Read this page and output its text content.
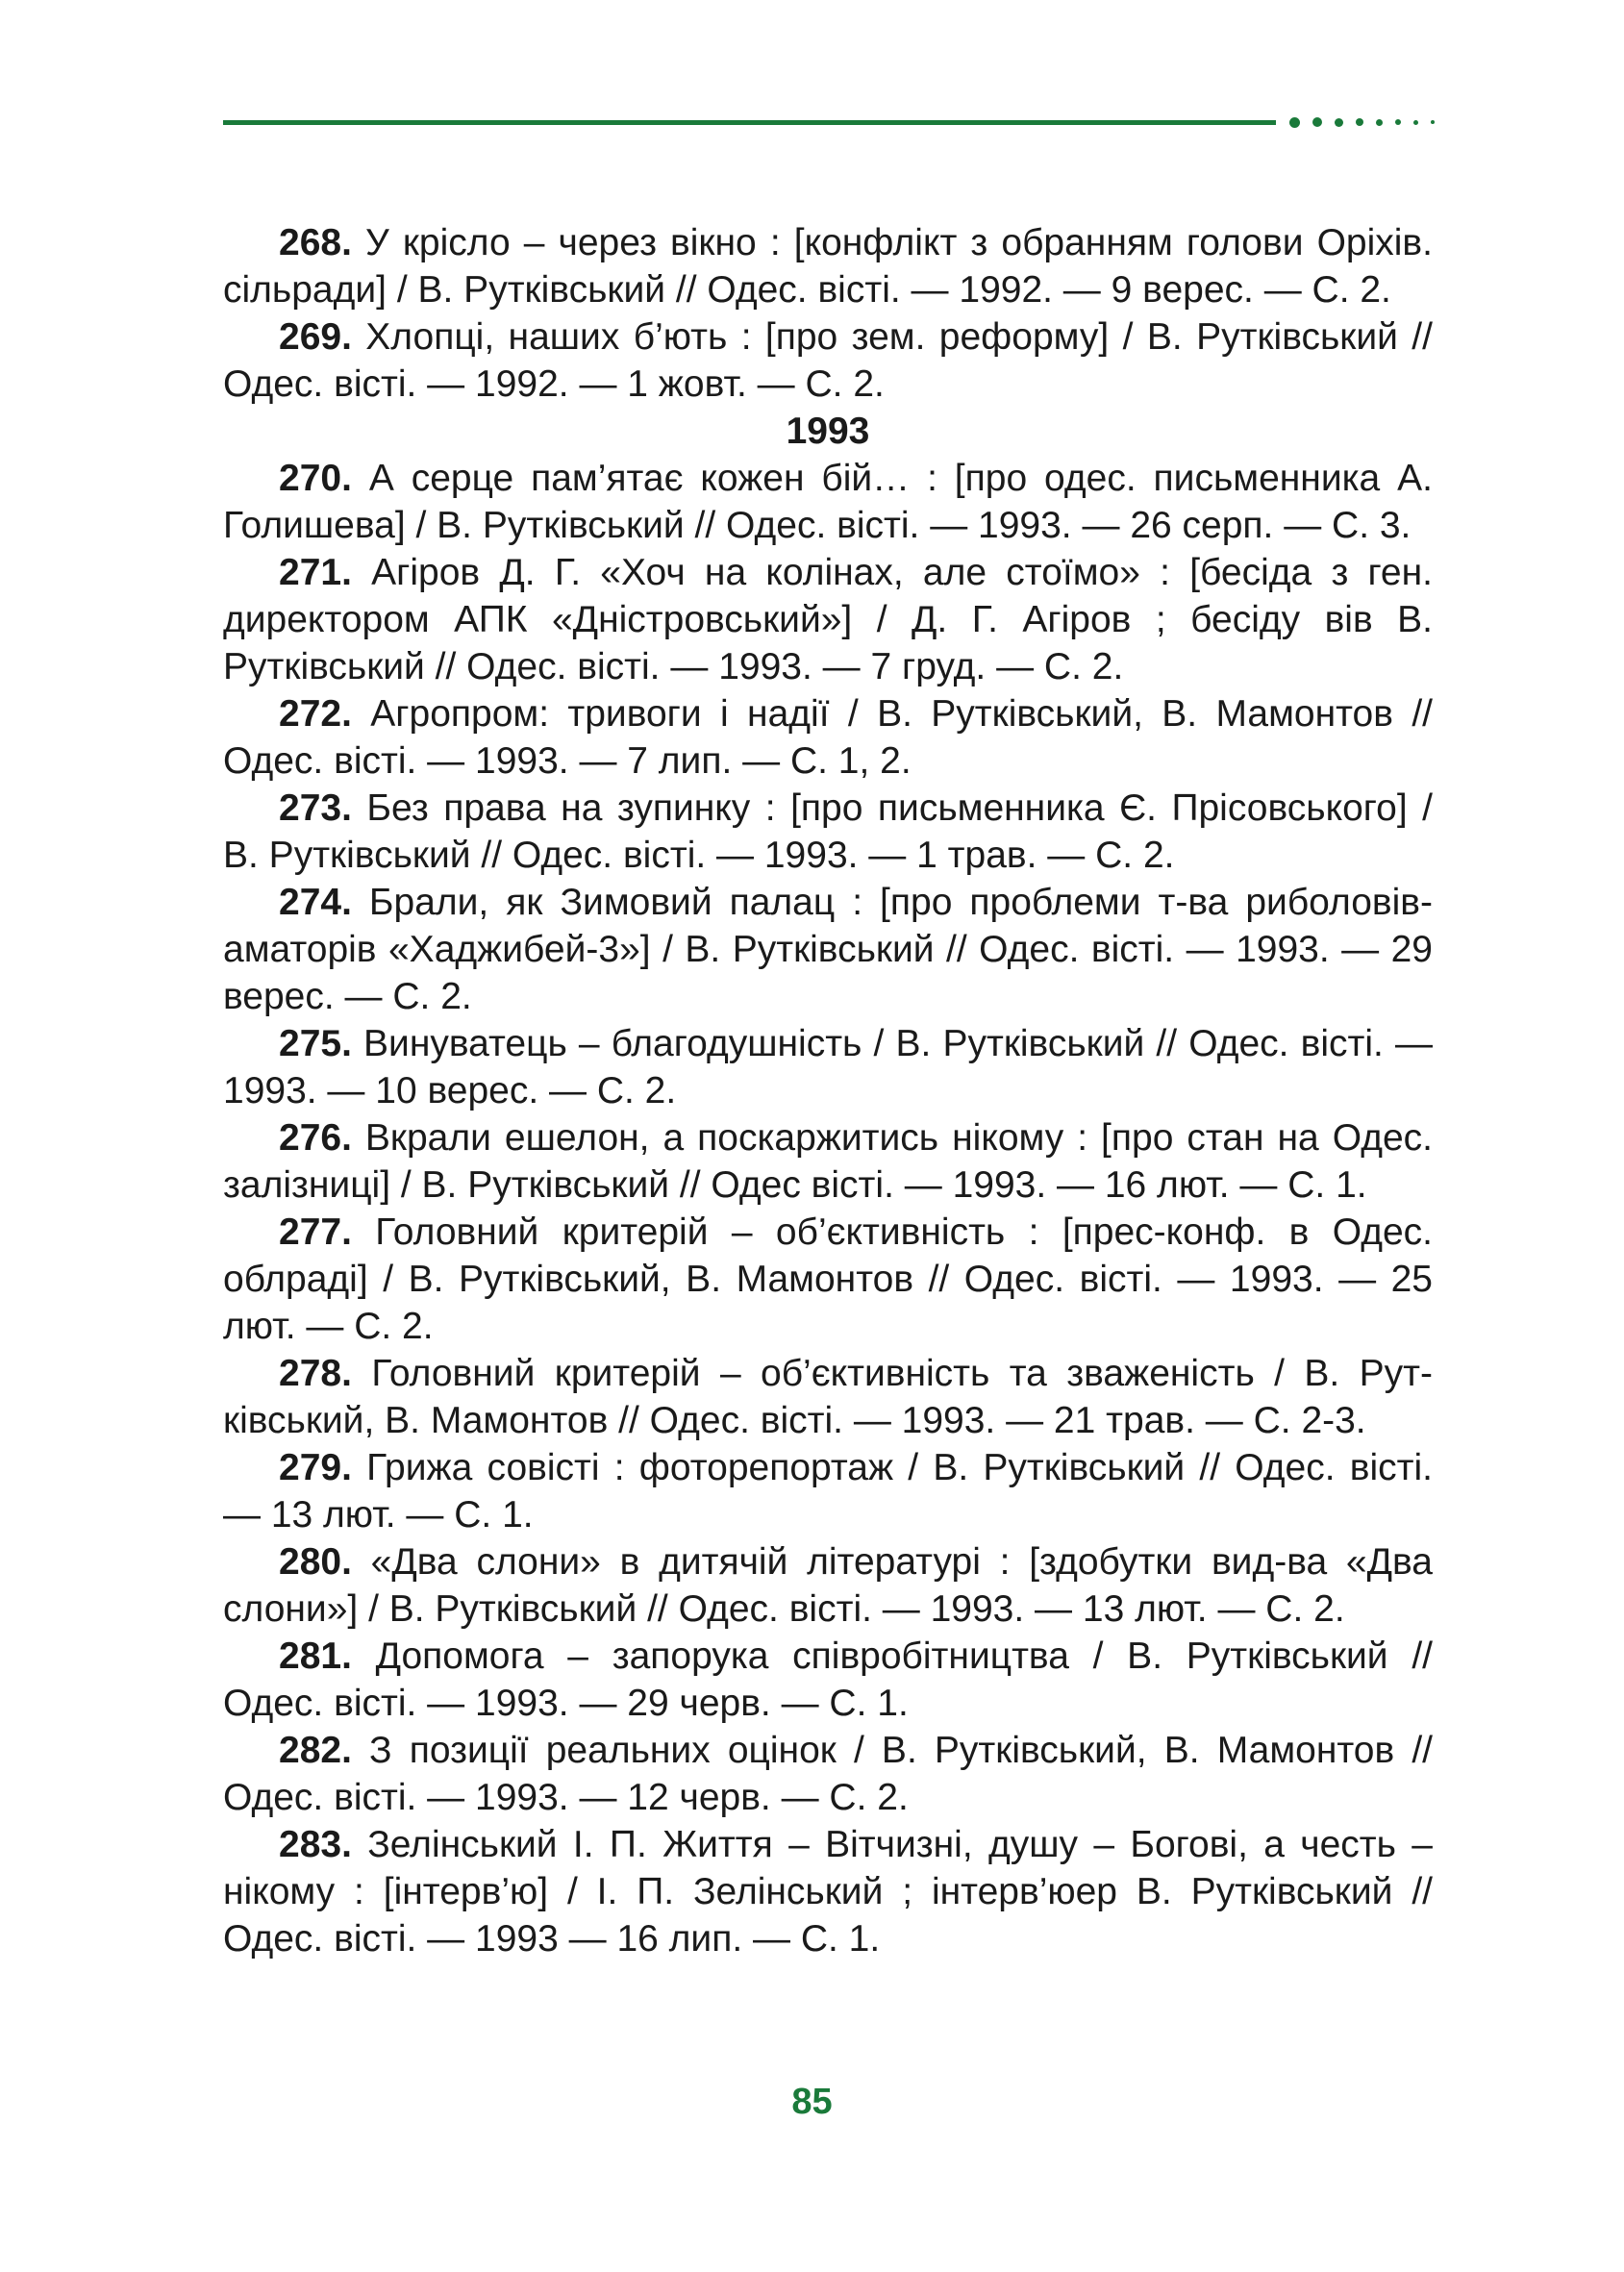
268. У крісло – через вікно : [конфлікт з обранням голови Оріхів. сільради] / В. Рутківський // Одес. вісті. — 1992. — 9 верес. — С. 2.

269. Хлопці, наших б’ють : [про зем. реформу] / В. Рутківський // Одес. вісті. — 1992. — 1 жовт. — С. 2.

1993

270. А серце пам’ятає кожен бій… : [про одес. письменника А. Голишева] / В. Рутківський // Одес. вісті. — 1993. — 26 серп. — С. 3.

271. Агіров Д. Г. «Хоч на колінах, але стоїмо» : [бесіда з ген. директором АПК «Дністровський»] / Д. Г. Агіров ; бесіду вів В. Рутківський // Одес. вісті. — 1993. — 7 груд. — С. 2.

272. Агропром: тривоги і надії / В. Рутківський, В. Мамонтов // Одес. вісті. — 1993. — 7 лип. — С. 1, 2.

273. Без права на зупинку : [про письменника Є. Прісовського] / В. Рутківський // Одес. вісті. — 1993. — 1 трав. — С. 2.

274. Брали, як Зимовий палац : [про проблеми т-ва риболовів-аматорів «Хаджибей-3»] / В. Рутківський // Одес. вісті. — 1993. — 29 верес. — С. 2.

275. Винуватець – благодушність / В. Рутківський // Одес. вісті. — 1993. — 10 верес. — С. 2.

276. Вкрали ешелон, а поскаржитись нікому : [про стан на Одес. залізниці] / В. Рутківський // Одес вісті. — 1993. — 16 лют. — С. 1.

277. Головний критерій – об’єктивність : [прес-конф. в Одес. облраді] / В. Рутківський, В. Мамонтов // Одес. вісті. — 1993. — 25 лют. — С. 2.

278. Головний критерій – об’єктивність та зваженість / В. Рутківський, В. Мамонтов // Одес. вісті. — 1993. — 21 трав. — С. 2-3.

279. Грижа совісті : фоторепортаж / В. Рутківський // Одес. вісті. — 13 лют. — С. 1.

280. «Два слони» в дитячій літературі : [здобутки вид-ва «Два слони»] / В. Рутківський // Одес. вісті. — 1993. — 13 лют. — С. 2.

281. Допомога – запорука співробітництва / В. Рутківський // Одес. вісті. — 1993. — 29 черв. — С. 1.

282. З позиції реальних оцінок / В. Рутківський, В. Мамонтов // Одес. вісті. — 1993. — 12 черв. — С. 2.

283. Зелінський І. П. Життя – Вітчизні, душу – Богові, а честь – нікому : [інтерв’ю] / І. П. Зелінський ; інтерв’юер В. Рутківський // Одес. вісті. — 1993 — 16 лип. — С. 1.

85
